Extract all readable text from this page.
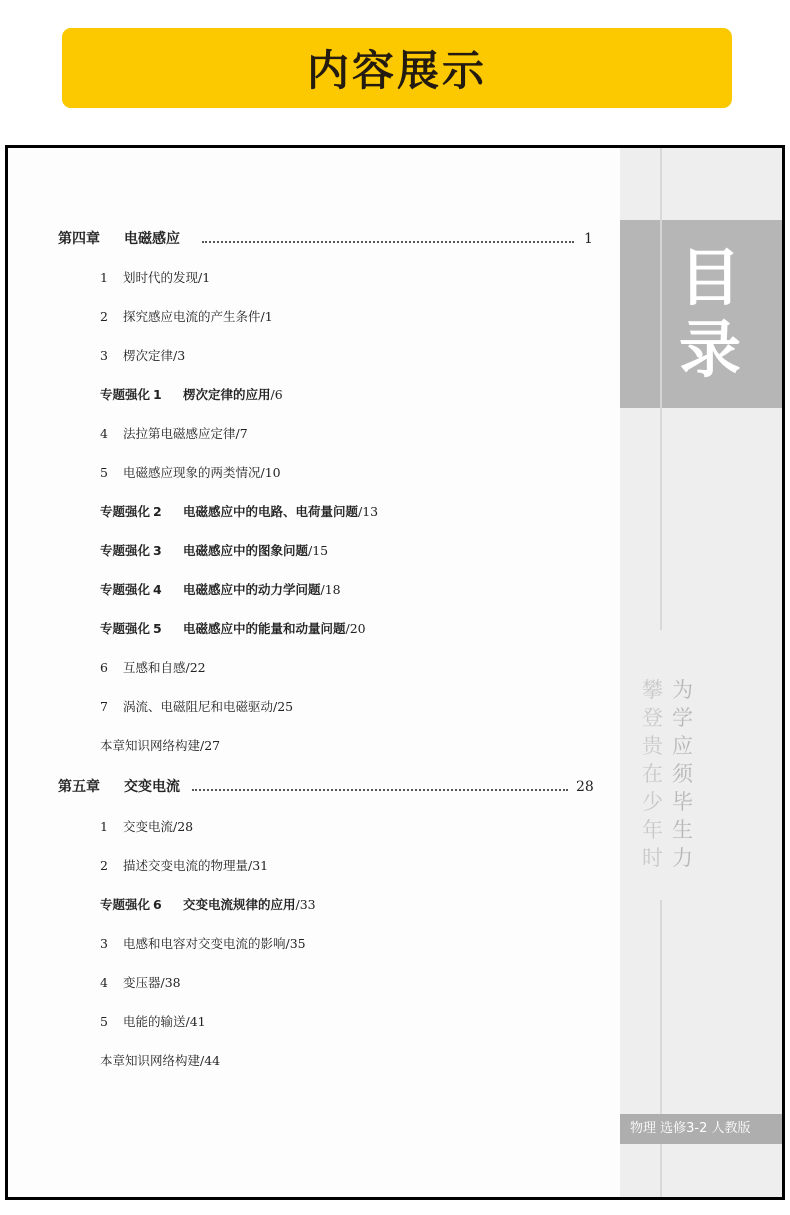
内容展示
第四章 电磁感应	1
1 划时代的发现/1
2 探究感应电流的产生条件/1
3 楞次定律/3
专题强化 1 楞次定律的应用/6
4 法拉第电磁感应定律/7
5 电磁感应现象的两类情况/10
专题强化 2 电磁感应中的电路、电荷量问题/13
专题强化 3 电磁感应中的图象问题/15
专题强化 4 电磁感应中的动力学问题/18
专题强化 5 电磁感应中的能量和动量问题/20
6 互感和自感/22
7 涡流、电磁阻尼和电磁驱动/25
本章知识网络构建/27
第五章 交变电流	28
1 交变电流/28
2 描述交变电流的物理量/31
专题强化 6 交变电流规律的应用/33
3 电感和电容对交变电流的影响/35
4 变压器/38
5 电能的输送/41
本章知识网络构建/44
目
录
为
学
应
须
毕
生
力
攀
登
贵
在
少
年
时
物理 选修3-2 人教版
